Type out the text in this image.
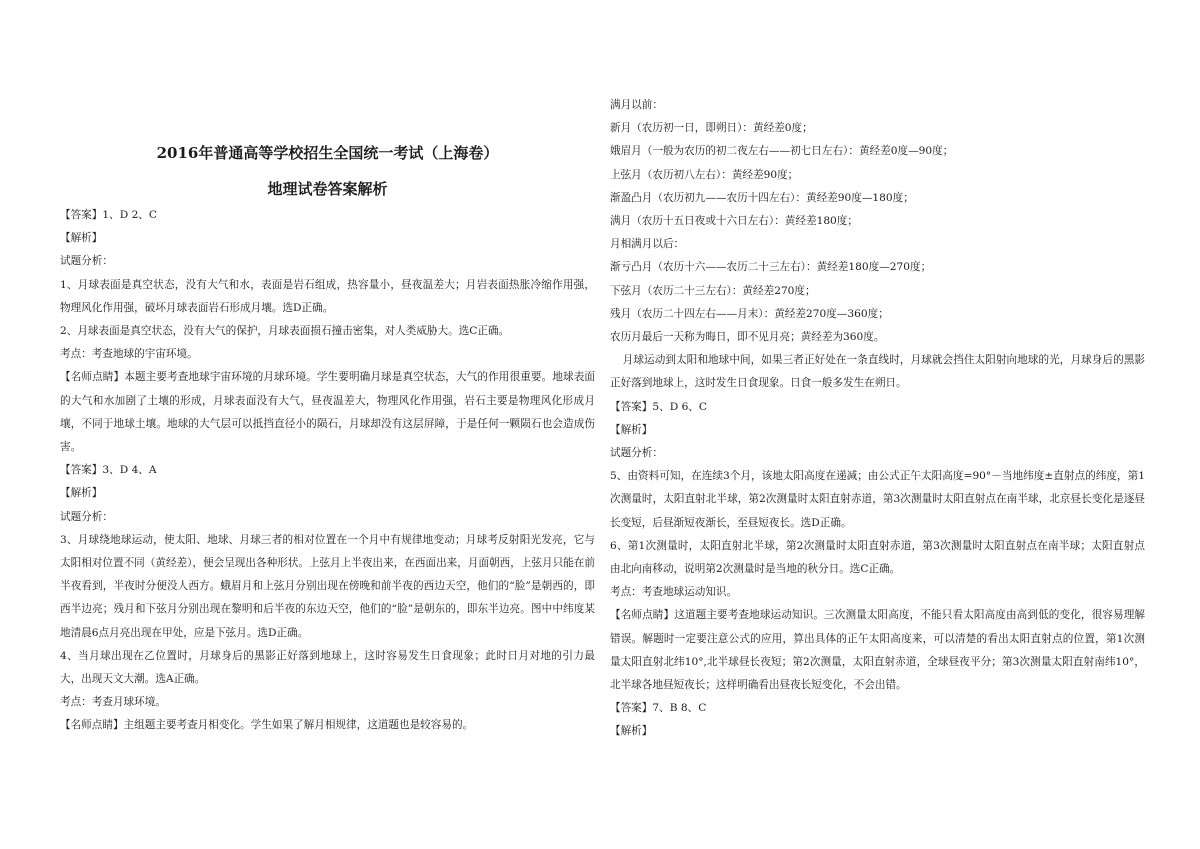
2016年普通高等学校招生全国统一考试（上海卷）

地理试卷答案解析

【答案】1、D 2、C

【解析】

试题分析：

1、月球表面是真空状态，没有大气和水，表面是岩石组成，热容量小，昼夜温差大；月岩表面热胀冷缩作用强，物理风化作用强，破坏月球表面岩石形成月壤。选D正确。

2、月球表面是真空状态，没有大气的保护，月球表面损石撞击密集，对人类威胁大。选C正确。

考点：考查地球的宇宙环境。

【名师点睛】本题主要考查地球宇宙环境的月球环境。学生要明确月球是真空状态，大气的作用很重要。地球表面的大气和水加剧了土壤的形成，月球表面没有大气，昼夜温差大，物理风化作用强，岩石主要是物理风化形成月壤，不同于地球土壤。地球的大气层可以抵挡直径小的陨石，月球却没有这层屏障，于是任何一颗陨石也会造成伤害。

【答案】3、D 4、A

【解析】

试题分析：

3、月球绕地球运动，使太阳、地球、月球三者的相对位置在一个月中有规律地变动；月球考反射阳光发亮，它与太阳相对位置不同（黄经差），便会呈现出各种形状。上弦月上半夜出来，在西面出来，月面朝西，上弦月只能在前半夜看到，半夜时分便没人西方。蛾眉月和上弦月分别出现在傍晚和前半夜的西边天空，他们的“脸”是朝西的，即西半边亮；残月和下弦月分别出现在黎明和后半夜的东边天空，他们的“脸”是朝东的，即东半边亮。图中中纬度某地清晨6点月亮出现在甲处，应是下弦月。选D正确。

4、当月球出现在乙位置时，月球身后的黑影正好落到地球上，这时容易发生日食现象；此时日月对地的引力最大，出现天文大潮。选A正确。

考点：考查月球环境。

【名师点睛】主组题主要考查月相变化。学生如果了解月相规律，这道题也是较容易的。

满月以前：

新月（农历初一日，即朔日）：黄经差0度；

娥眉月（一般为农历的初二夜左右——初七日左右）：黄经差0度—90度；

上弦月（农历初八左右）：黄经差90度；

渐盈凸月（农历初九——农历十四左右）：黄经差90度—180度；

满月（农历十五日夜或十六日左右）：黄经差180度；

月相满月以后：

渐亏凸月（农历十六——农历二十三左右）：黄经差180度—270度；

下弦月（农历二十三左右）：黄经差270度；

残月（农历二十四左右——月末）：黄经差270度—360度；

农历月最后一天称为晦日，即不见月亮；黄经差为360度。

月球运动到太阳和地球中间，如果三者正好处在一条直线时，月球就会挡住太阳射向地球的光，月球身后的黑影正好落到地球上，这时发生日食现象。日食一般多发生在朔日。

【答案】5、D 6、C

【解析】

试题分析：

5、由资料可知，在连续3个月，该地太阳高度在递减；由公式正午太阳高度=90°－当地纬度±直射点的纬度，第1次测量时，太阳直射北半球，第2次测量时太阳直射赤道，第3次测量时太阳直射点在南半球，北京昼长变化是逐昼长变短，后昼渐短夜渐长，至昼短夜长。选D正确。

6、第1次测量时，太阳直射北半球，第2次测量时太阳直射赤道，第3次测量时太阳直射点在南半球；太阳直射点由北向南移动，说明第2次测量时是当地的秋分日。选C正确。

考点：考查地球运动知识。

【名师点睛】这道题主要考查地球运动知识。三次测量太阳高度，不能只看太阳高度由高到低的变化，很容易理解错误。解题时一定要注意公式的应用，算出具体的正午太阳高度来，可以清楚的看出太阳直射点的位置，第1次测量太阳直射北纬10°,北半球昼长夜短；第2次测量，太阳直射赤道，全球昼夜平分；第3次测量太阳直射南纬10°，北半球各地昼短夜长；这样明确看出昼夜长短变化，不会出错。

【答案】7、B 8、C

【解析】
